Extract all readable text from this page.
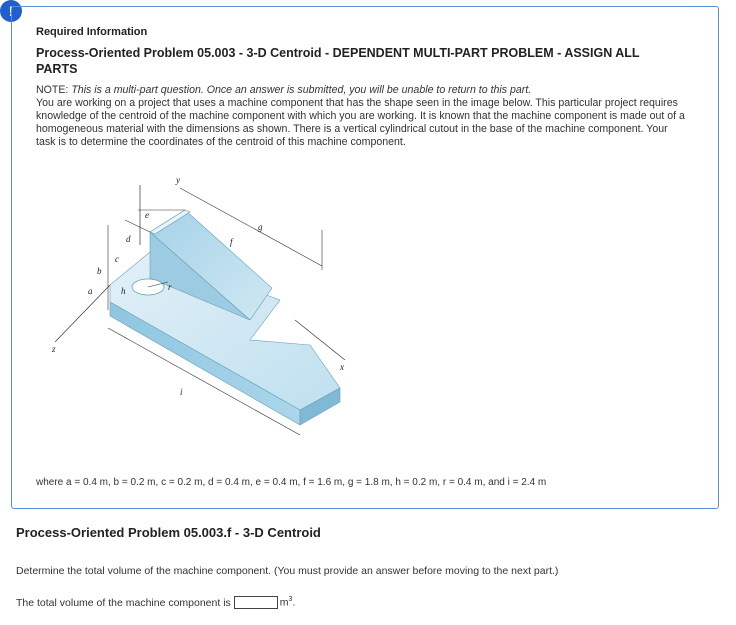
!
Required Information
Process-Oriented Problem 05.003 - 3-D Centroid - DEPENDENT MULTI-PART PROBLEM - ASSIGN ALL PARTS

NOTE: This is a multi-part question. Once an answer is submitted, you will be unable to return to this part.

You are working on a project that uses a machine component that has the shape seen in the image below. This particular project requires knowledge of the centroid of the machine component with which you are working. It is known that the machine component is made out of a homogeneous material with the dimensions as shown. There is a vertical cylindrical cutout in the base of the machine component. Your task is to determine the coordinates of the centroid of this machine component.

y
z
x
a
b
c
d
e
f
g
h	r
i
where a = 0.4 m, b = 0.2 m, c = 0.2 m, d = 0.4 m, e = 0.4 m, f = 1.6 m, g = 1.8 m, h = 0.2 m, r = 0.4 m, and i = 2.4 m
Process-Oriented Problem 05.003.f - 3-D Centroid
Determine the total volume of the machine component. (You must provide an answer before moving to the next part.)
The total volume of the machine component is	$m^3$.
